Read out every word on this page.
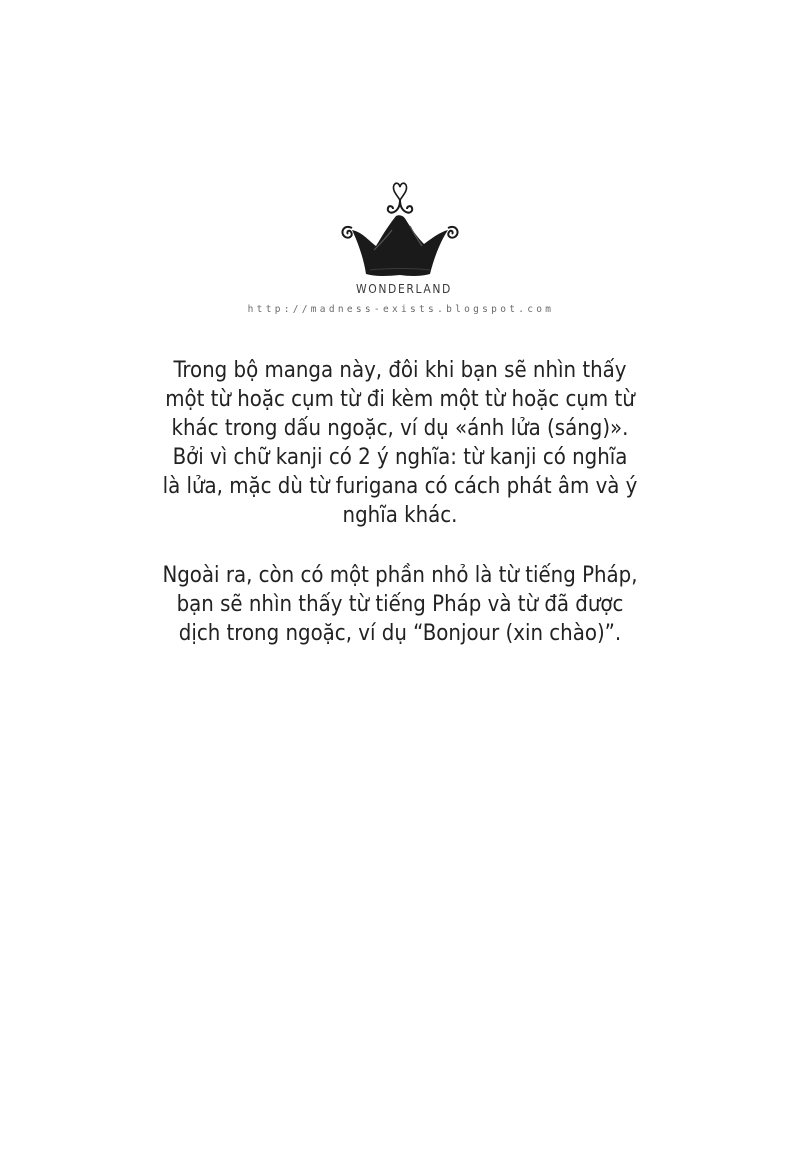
WONDERLAND
http://madness-exists.blogspot.com
Trong bộ manga này, đôi khi bạn sẽ nhìn thấy
một từ hoặc cụm từ đi kèm một từ hoặc cụm từ
khác trong dấu ngoặc, ví dụ «ánh lửa (sáng)».
Bởi vì chữ kanji có 2 ý nghĩa: từ kanji có nghĩa
là lửa, mặc dù từ furigana có cách phát âm và ý
nghĩa khác.
Ngoài ra, còn có một phần nhỏ là từ tiếng Pháp,
bạn sẽ nhìn thấy từ tiếng Pháp và từ đã được
dịch trong ngoặc, ví dụ “Bonjour (xin chào)”.
